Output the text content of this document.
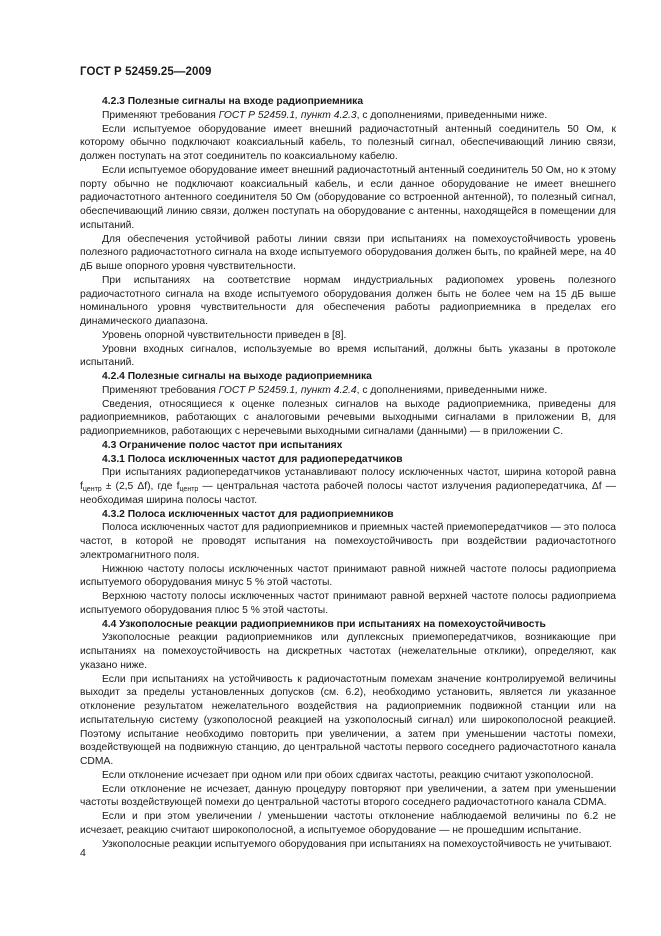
ГОСТ Р 52459.25—2009

4.2.3 Полезные сигналы на входе радиоприемника

Применяют требования ГОСТ Р 52459.1, пункт 4.2.3, с дополнениями, приведенными ниже.

Если испытуемое оборудование имеет внешний радиочастотный антенный соединитель 50 Ом, к которому обычно подключают коаксиальный кабель, то полезный сигнал, обеспечивающий линию связи, должен поступать на этот соединитель по коаксиальному кабелю.

Если испытуемое оборудование имеет внешний радиочастотный антенный соединитель 50 Ом, но к этому порту обычно не подключают коаксиальный кабель, и если данное оборудование не имеет внешнего радиочастотного антенного соединителя 50 Ом (оборудование со встроенной антенной), то полезный сигнал, обеспечивающий линию связи, должен поступать на оборудование с антенны, находящейся в помещении для испытаний.

Для обеспечения устойчивой работы линии связи при испытаниях на помехоустойчивость уровень полезного радиочастотного сигнала на входе испытуемого оборудования должен быть, по крайней мере, на 40 дБ выше опорного уровня чувствительности.

При испытаниях на соответствие нормам индустриальных радиопомех уровень полезного радиочастотного сигнала на входе испытуемого оборудования должен быть не более чем на 15 дБ выше номинального уровня чувствительности для обеспечения работы радиоприемника в пределах его динамического диапазона.

Уровень опорной чувствительности приведен в [8].

Уровни входных сигналов, используемые во время испытаний, должны быть указаны в протоколе испытаний.

4.2.4 Полезные сигналы на выходе радиоприемника

Применяют требования ГОСТ Р 52459.1, пункт 4.2.4, с дополнениями, приведенными ниже.

Сведения, относящиеся к оценке полезных сигналов на выходе радиоприемника, приведены для радиоприемников, работающих с аналоговыми речевыми выходными сигналами в приложении В, для радиоприемников, работающих с неречевыми выходными сигналами (данными) — в приложении С.

4.3 Ограничение полос частот при испытаниях

4.3.1 Полоса исключенных частот для радиопередатчиков

При испытаниях радиопередатчиков устанавливают полосу исключенных частот, ширина которой равна $f_{центр} \pm (2,5$ Δf), где $f_{центр}$ — центральная частота рабочей полосы частот излучения радиопередатчика, Δf — необходимая ширина полосы частот.

4.3.2 Полоса исключенных частот для радиоприемников

Полоса исключенных частот для радиоприемников и приемных частей приемопередатчиков — это полоса частот, в которой не проводят испытания на помехоустойчивость при воздействии радиочастотного электромагнитного поля.

Нижнюю частоту полосы исключенных частот принимают равной нижней частоте полосы радиоприема испытуемого оборудования минус 5 % этой частоты.

Верхнюю частоту полосы исключенных частот принимают равной верхней частоте полосы радиоприема испытуемого оборудования плюс 5 % этой частоты.

4.4 Узкополосные реакции радиоприемников при испытаниях на помехоустойчивость

Узкополосные реакции радиоприемников или дуплексных приемопередатчиков, возникающие при испытаниях на помехоустойчивость на дискретных частотах (нежелательные отклики), определяют, как указано ниже.

Если при испытаниях на устойчивость к радиочастотным помехам значение контролируемой величины выходит за пределы установленных допусков (см. 6.2), необходимо установить, является ли указанное отклонение результатом нежелательного воздействия на радиоприемник подвижной станции или на испытательную систему (узкополосной реакцией на узкополосный сигнал) или широкополосной реакцией. Поэтому испытание необходимо повторить при увеличении, а затем при уменьшении частоты помехи, воздействующей на подвижную станцию, до центральной частоты первого соседнего радиочастотного канала CDMA.

Если отклонение исчезает при одном или при обоих сдвигах частоты, реакцию считают узкополосной.

Если отклонение не исчезает, данную процедуру повторяют при увеличении, а затем при уменьшении частоты воздействующей помехи до центральной частоты второго соседнего радиочастотного канала CDMA.

Если и при этом увеличении / уменьшении частоты отклонение наблюдаемой величины по 6.2 не исчезает, реакцию считают широкополосной, а испытуемое оборудование — не прошедшим испытание.

Узкополосные реакции испытуемого оборудования при испытаниях на помехоустойчивость не учитывают.

4
